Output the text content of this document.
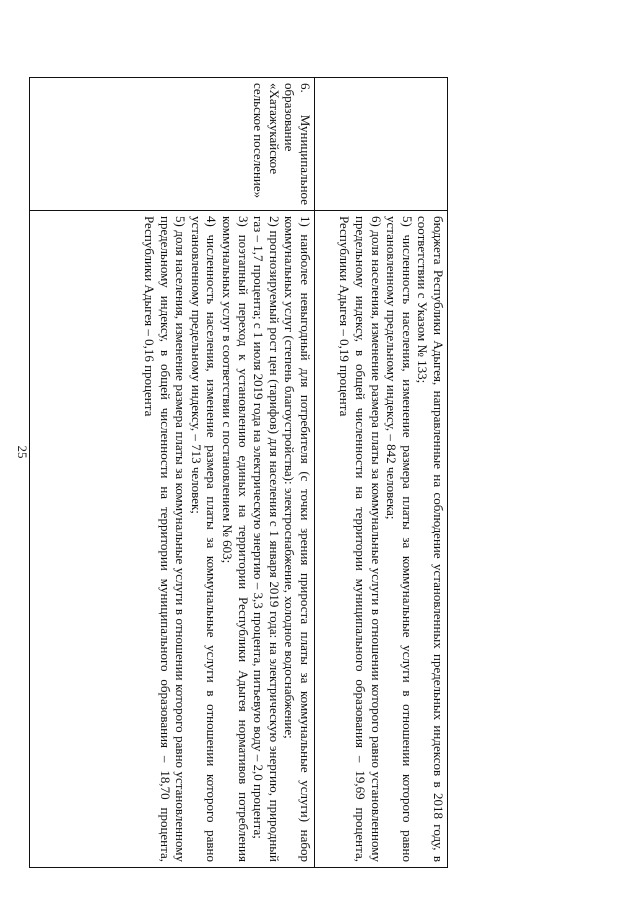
25

	бюджета Республики Адыгея, направленные на соблюдение установленных предельных индексов в 2018 году, в соответствии с Указом № 133;

5) численность населения, изменение размера платы за коммунальные услуги в отношении которого равно установленному предельному индексу, – 842 человека;

6) доля населения, изменение размера платы за коммунальные услуги в отношении которого равно установленному предельному индексу, в общей численности на территории муниципального образования – 19,69 процента, Республики Адыгея – 0,19 процента

6. Муниципальное образование «Хатажукайское сельское поселение»	1) наиболее невыгодный для потребителя (с точки зрения прироста платы за коммунальные услуги) набор коммунальных услуг (степень благоустройства): электроснабжение, холодное водоснабжение;

2) прогнозируемый рост цен (тарифов) для населения с 1 января 2019 года: на электрическую энергию, природный газ – 1,7 процента; с 1 июля 2019 года на электрическую энергию – 3,3 процента, питьевую воду – 2,0 процента;

3) поэтапный переход к установлению единых на территории Республики Адыгея нормативов потребления коммунальных услуг в соответствии с постановлением № 603;

4) численность населения, изменение размера платы за коммунальные услуги в отношении которого равно установленному предельному индексу, – 713 человек;

5) доля населения, изменение размера платы за коммунальные услуги в отношении которого равно установленному предельному индексу, в общей численности на территории муниципального образования – 18,70 процента, Республики Адыгея – 0,16 процента
